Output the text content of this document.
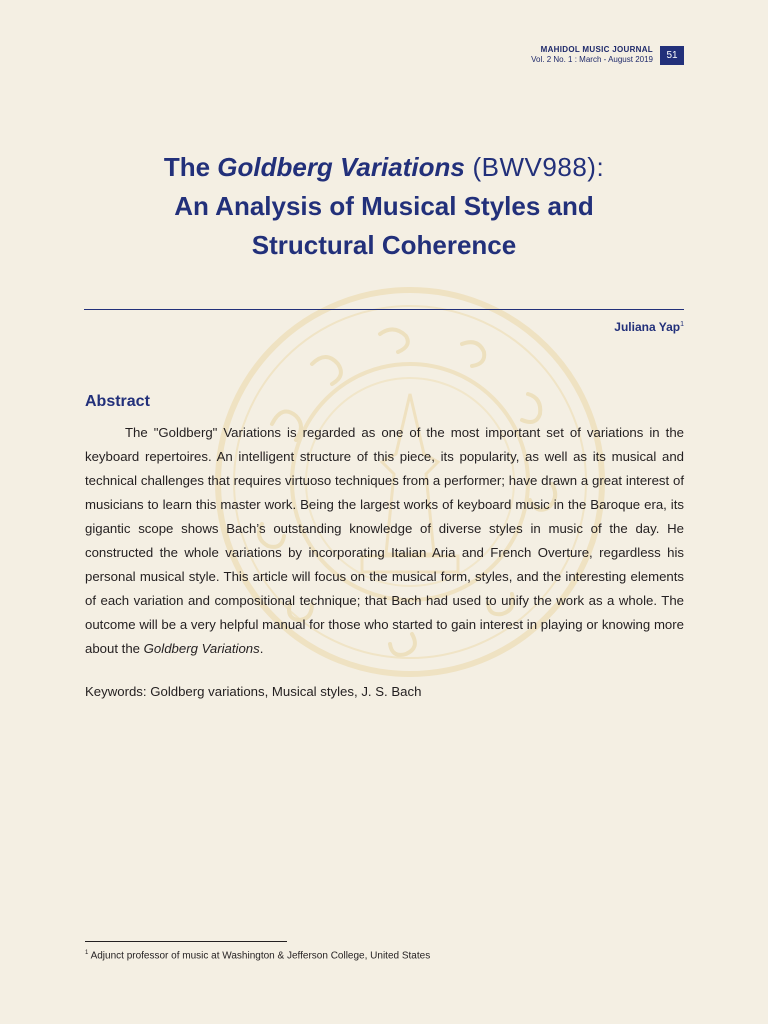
MAHIDOL MUSIC JOURNAL
Vol. 2 No. 1 : March - August 2019	51
The Goldberg Variations (BWV988):
An Analysis of Musical Styles and
Structural Coherence
Juliana Yap$^1$
Abstract

The "Goldberg" Variations is regarded as one of the most important set of variations in the keyboard repertoires. An intelligent structure of this piece, its popularity, as well as its musical and technical challenges that requires virtuoso techniques from a performer; have drawn a great interest of musicians to learn this master work. Being the largest works of keyboard music in the Baroque era, its gigantic scope shows Bach’s outstanding knowledge of diverse styles in music of the day. He constructed the whole variations by incorporating Italian Aria and French Overture, regardless his personal musical style. This article will focus on the musical form, styles, and the interesting elements of each variation and compositional technique; that Bach had used to unify the work as a whole. The outcome will be a very helpful manual for those who started to gain interest in playing or knowing more about the Goldberg Variations.

Keywords: Goldberg variations, Musical styles, J. S. Bach
$^1$ Adjunct professor of music at Washington & Jefferson College, United States
